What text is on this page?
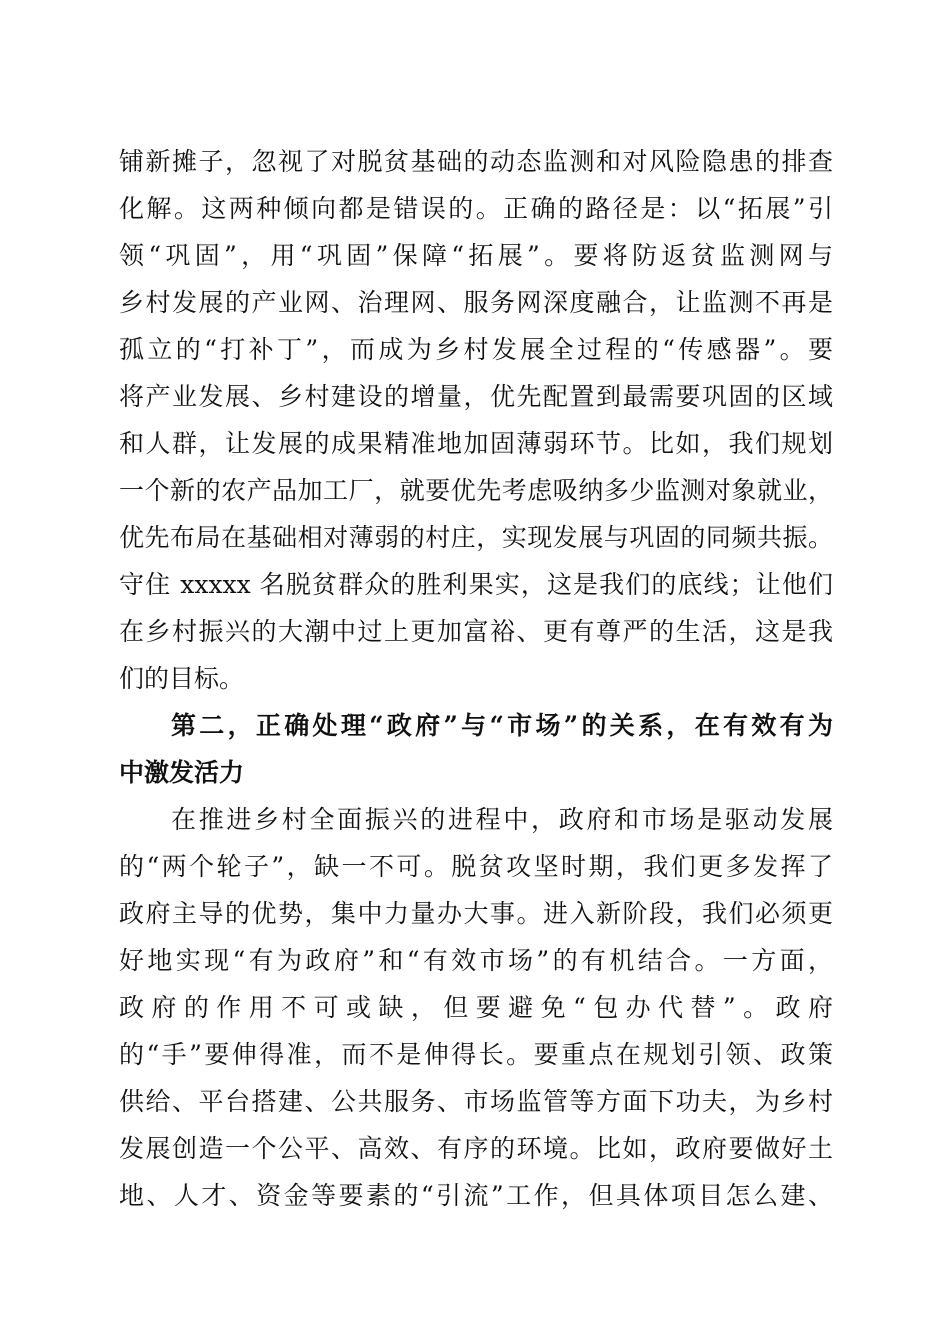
铺新摊子，忽视了对脱贫基础的动态监测和对风险隐患的排查
化解。这两种倾向都是错误的。正确的路径是：以“拓展”引
领“巩固”，用“巩固”保障“拓展”。要将防返贫监测网与
乡村发展的产业网、治理网、服务网深度融合，让监测不再是
孤立的“打补丁”，而成为乡村发展全过程的“传感器”。要
将产业发展、乡村建设的增量，优先配置到最需要巩固的区域
和人群，让发展的成果精准地加固薄弱环节。比如，我们规划
一个新的农产品加工厂，就要优先考虑吸纳多少监测对象就业，
优先布局在基础相对薄弱的村庄，实现发展与巩固的同频共振。
守住 xxxxx 名脱贫群众的胜利果实，这是我们的底线；让他们
在乡村振兴的大潮中过上更加富裕、更有尊严的生活，这是我
们的目标。
第二，正确处理“政府”与“市场”的关系，在有效有为
中激发活力
在推进乡村全面振兴的进程中，政府和市场是驱动发展
的“两个轮子”，缺一不可。脱贫攻坚时期，我们更多发挥了
政府主导的优势，集中力量办大事。进入新阶段，我们必须更
好地实现“有为政府”和“有效市场”的有机结合。一方面，
政府的作用不可或缺，但要避免“包办代替”。政府
的“手”要伸得准，而不是伸得长。要重点在规划引领、政策
供给、平台搭建、公共服务、市场监管等方面下功夫，为乡村
发展创造一个公平、高效、有序的环境。比如，政府要做好土
地、人才、资金等要素的“引流”工作，但具体项目怎么建、
